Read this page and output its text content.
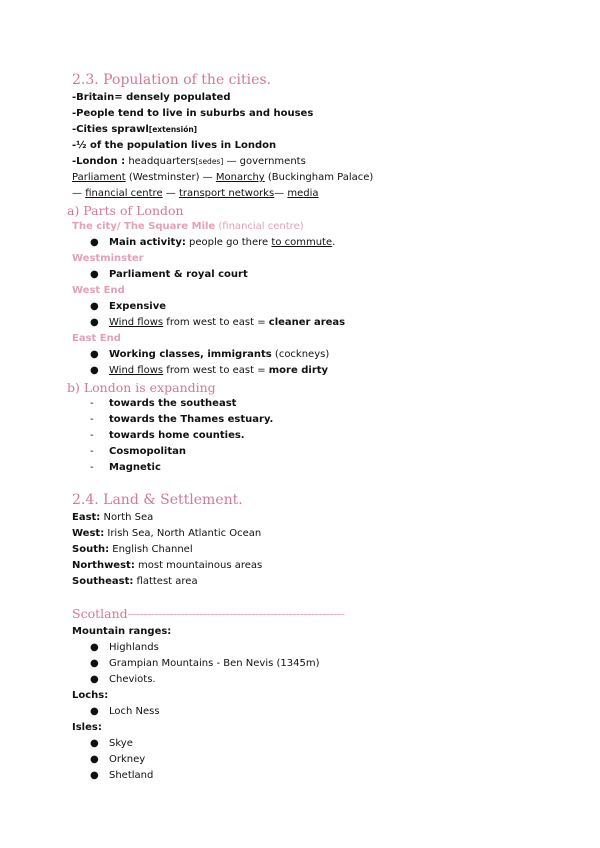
2.3. Population of the cities.
-Britain= densely populated
-People tend to live in suburbs and houses
-Cities sprawl[extensión]
-½ of the population lives in London
-London : headquarters[sedes] — governments
Parliament (Westminster) — Monarchy (Buckingham Palace)
— financial centre — transport networks— media
a) Parts of London
The city/ The Square Mile (financial centre)
● Main activity: people go there to commute.
Westminster
● Parliament & royal court
West End
● Expensive
● Wind flows from west to east = cleaner areas
East End
● Working classes, immigrants (cockneys)
● Wind flows from west to east = more dirty
b) London is expanding
- towards the southeast
- towards the Thames estuary.
- towards home counties.
- Cosmopolitan
- Magnetic
2.4. Land & Settlement.
East: North Sea
West: Irish Sea, North Atlantic Ocean
South: English Channel
Northwest: most mountainous areas
Southeast: flattest area
Scotland—-------------------------------------------------------
Mountain ranges:
● Highlands
● Grampian Mountains - Ben Nevis (1345m)
● Cheviots.
Lochs:
● Loch Ness
Isles:
● Skye
● Orkney
● Shetland
